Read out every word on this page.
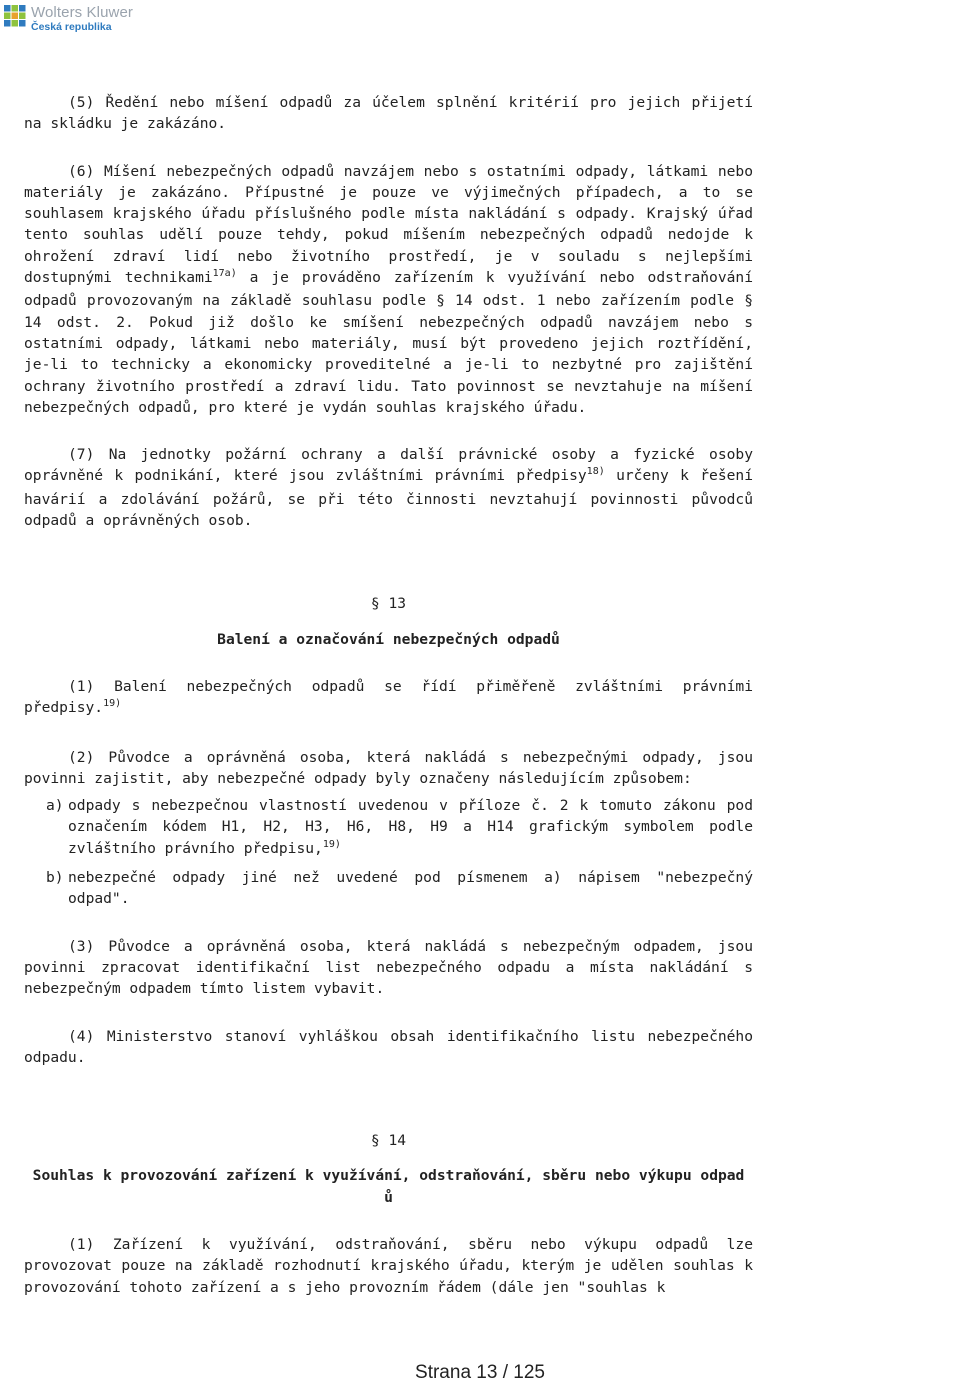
Wolters Kluwer
Česká republika

(5) Ředění nebo míšení odpadů za účelem splnění kritérií pro jejich přijetí na skládku je zakázáno.

(6) Míšení nebezpečných odpadů navzájem nebo s ostatními odpady, látkami nebo materiály je zakázáno. Přípustné je pouze ve výjimečných případech, a to se souhlasem krajského úřadu příslušného podle místa nakládání s odpady. Krajský úřad tento souhlas udělí pouze tehdy, pokud míšením nebezpečných odpadů nedojde k ohrožení zdraví lidí nebo životního prostředí, je v souladu s nejlepšími dostupnými technikami$^{17a)}$ a je prováděno zařízením k využívání nebo odstraňování odpadů provozovaným na základě souhlasu podle § 14 odst. 1 nebo zařízením podle § 14 odst. 2. Pokud již došlo ke smíšení nebezpečných odpadů navzájem nebo s ostatními odpady, látkami nebo materiály, musí být provedeno jejich roztřídění, je-li to technicky a ekonomicky proveditelné a je-li to nezbytné pro zajištění ochrany životního prostředí a zdraví lidu. Tato povinnost se nevztahuje na míšení nebezpečných odpadů, pro které je vydán souhlas krajského úřadu.

(7) Na jednotky požární ochrany a další právnické osoby a fyzické osoby oprávněné k podnikání, které jsou zvláštními právními předpisy$^{18)}$ určeny k řešení havárií a zdolávání požárů, se při této činnosti nevztahují povinnosti původců odpadů a oprávněných osob.

§ 13
Balení a označování nebezpečných odpadů

(1) Balení nebezpečných odpadů se řídí přiměřeně zvláštními právními předpisy.$^{19)}$

(2) Původce a oprávněná osoba, která nakládá s nebezpečnými odpady, jsou povinni zajistit, aby nebezpečné odpady byly označeny následujícím způsobem:

a) odpady s nebezpečnou vlastností uvedenou v příloze č. 2 k tomuto zákonu pod označením kódem H1, H2, H3, H6, H8, H9 a H14 grafickým symbolem podle zvláštního právního předpisu,$^{19)}$
b) nebezpečné odpady jiné než uvedené pod písmenem a) nápisem "nebezpečný odpad".

(3) Původce a oprávněná osoba, která nakládá s nebezpečným odpadem, jsou povinni zpracovat identifikační list nebezpečného odpadu a místa nakládání s nebezpečným odpadem tímto listem vybavit.

(4) Ministerstvo stanoví vyhláškou obsah identifikačního listu nebezpečného odpadu.

§ 14
Souhlas k provozování zařízení k využívání, odstraňování, sběru nebo výkupu odpad ů

(1) Zařízení k využívání, odstraňování, sběru nebo výkupu odpadů lze provozovat pouze na základě rozhodnutí krajského úřadu, kterým je udělen souhlas k provozování tohoto zařízení a s jeho provozním řádem (dále jen "souhlas k

Strana 13 / 125
